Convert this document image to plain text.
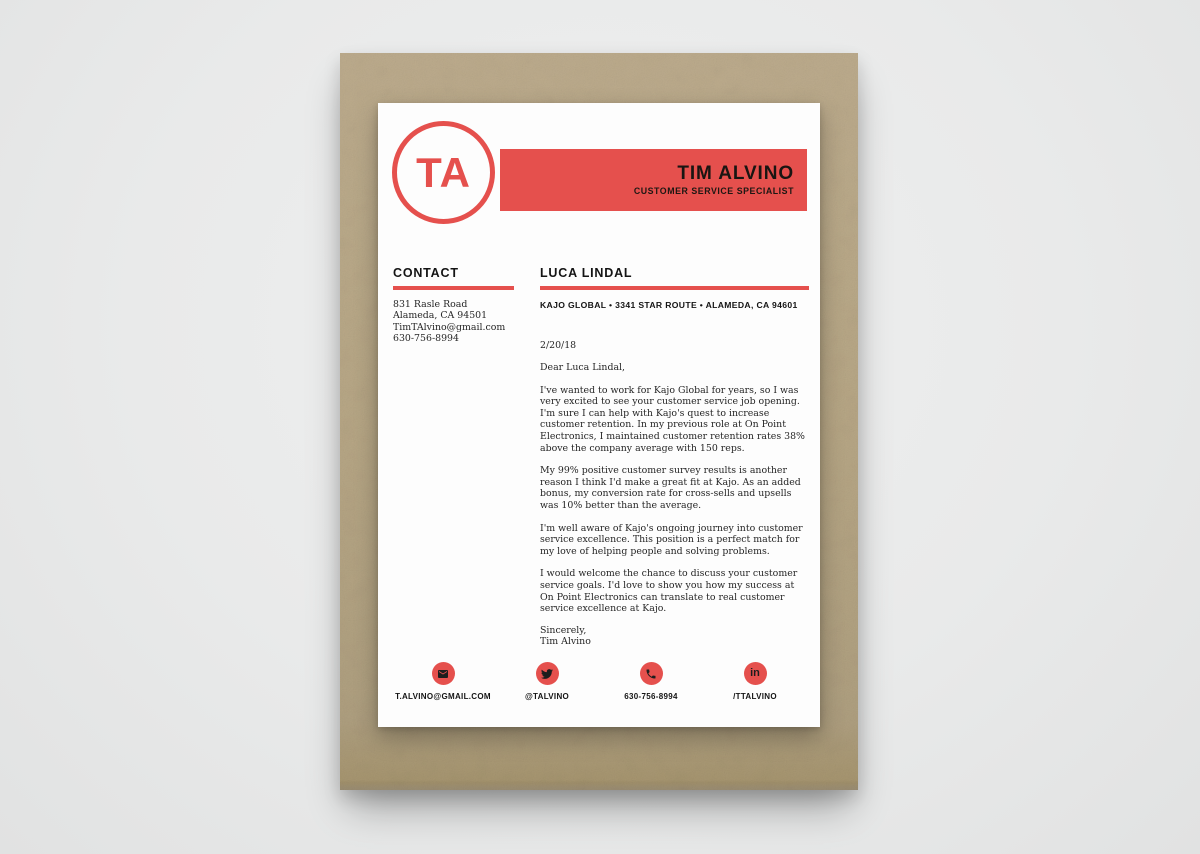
TIM ALVINO
CUSTOMER SERVICE SPECIALIST
TA
CONTACT
831 Rasle Road
Alameda, CA 94501
TimTAlvino@gmail.com
630-756-8994
LUCA LINDAL
KAJO GLOBAL • 3341 STAR ROUTE • ALAMEDA, CA 94601
2/20/18
Dear Luca Lindal,
I've wanted to work for Kajo Global for years, so I was very excited to see your customer service job opening. I'm sure I can help with Kajo's quest to increase customer retention. In my previous role at On Point Electronics, I maintained customer retention rates 38% above the company average with 150 reps.
My 99% positive customer survey results is another reason I think I'd make a great fit at Kajo. As an added bonus, my conversion rate for cross-sells and upsells was 10% better than the average.
I'm well aware of Kajo's ongoing journey into customer service excellence. This position is a perfect match for my love of helping people and solving problems.
I would welcome the chance to discuss your customer service goals. I'd love to show you how my success at On Point Electronics can translate to real customer service excellence at Kajo.
Sincerely,
Tim Alvino
T.ALVINO@GMAIL.COM	@TALVINO	630-756-8994
in
/TTALVINO
